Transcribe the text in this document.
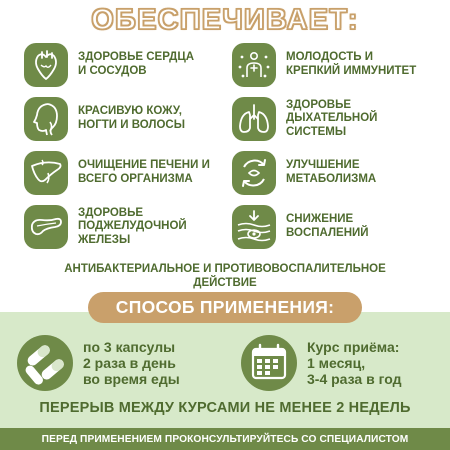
ОБЕСПЕЧИВАЕТ:
ЗДОРОВЬЕ СЕРДЦА
И СОСУДОВ
МОЛОДОСТЬ И
КРЕПКИЙ ИММУНИТЕТ
КРАСИВУЮ КОЖУ,
НОГТИ И ВОЛОСЫ
ЗДОРОВЬЕ
ДЫХАТЕЛЬНОЙ
СИСТЕМЫ
ОЧИЩЕНИЕ ПЕЧЕНИ И
ВСЕГО ОРГАНИЗМА
УЛУЧШЕНИЕ
МЕТАБОЛИЗМА
ЗДОРОВЬЕ
ПОДЖЕЛУДОЧНОЙ
ЖЕЛЕЗЫ
СНИЖЕНИЕ
ВОСПАЛЕНИЙ
АНТИБАКТЕРИАЛЬНОЕ И ПРОТИВОВОСПАЛИТЕЛЬНОЕ
ДЕЙСТВИЕ
СПОСОБ ПРИМЕНЕНИЯ:
по 3 капсулы
2 раза в день
во время еды
Курс приёма:
1 месяц,
3-4 раза в год
ПЕРЕРЫВ МЕЖДУ КУРСАМИ НЕ МЕНЕЕ 2 НЕДЕЛЬ
ПЕРЕД ПРИМЕНЕНИЕМ ПРОКОНСУЛЬТИРУЙТЕСЬ СО СПЕЦИАЛИСТОМ
